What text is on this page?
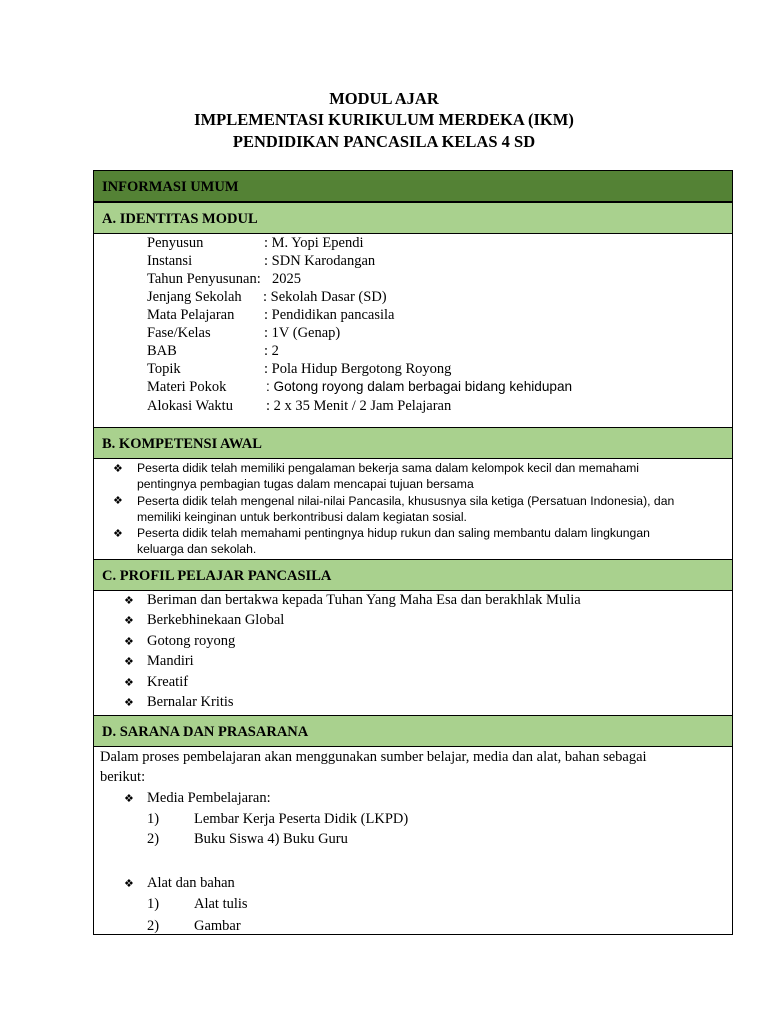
MODUL AJAR
IMPLEMENTASI KURIKULUM MERDEKA (IKM)
PENDIDIKAN PANCASILA KELAS 4 SD
INFORMASI UMUM
A. IDENTITAS MODUL
B. KOMPETENSI AWAL
C. PROFIL PELAJAR PANCASILA
D. SARANA DAN PRASARANA
Penyusun	: M. Yopi Ependi
Instansi	: SDN Karodangan
Tahun Penyusunan: 2025
Jenjang Sekolah : Sekolah Dasar (SD)
Mata Pelajaran : Pendidikan pancasila
Fase/Kelas	: 1V (Genap)
BAB	: 2
Topik	: Pola Hidup Bergotong Royong
Materi Pokok	: Gotong royong dalam berbagai bidang kehidupan
Alokasi Waktu : 2 x 35 Menit / 2 Jam Pelajaran
❖ Peserta didik telah memiliki pengalaman bekerja sama dalam kelompok kecil dan memahami
pentingnya pembagian tugas dalam mencapai tujuan bersama
❖ Peserta didik telah mengenal nilai-nilai Pancasila, khususnya sila ketiga (Persatuan Indonesia), dan
memiliki keinginan untuk berkontribusi dalam kegiatan sosial.
❖ Peserta didik telah memahami pentingnya hidup rukun dan saling membantu dalam lingkungan
keluarga dan sekolah.
❖ Beriman dan bertakwa kepada Tuhan Yang Maha Esa dan berakhlak Mulia
❖ Berkebhinekaan Global
❖ Gotong royong
❖ Mandiri
❖ Kreatif
❖ Bernalar Kritis
Dalam proses pembelajaran akan menggunakan sumber belajar, media dan alat, bahan sebagai
berikut:
❖ Media Pembelajaran:
1) Lembar Kerja Peserta Didik (LKPD)
2) Buku Siswa 4) Buku Guru
❖ Alat dan bahan
1) Alat tulis
2) Gambar
